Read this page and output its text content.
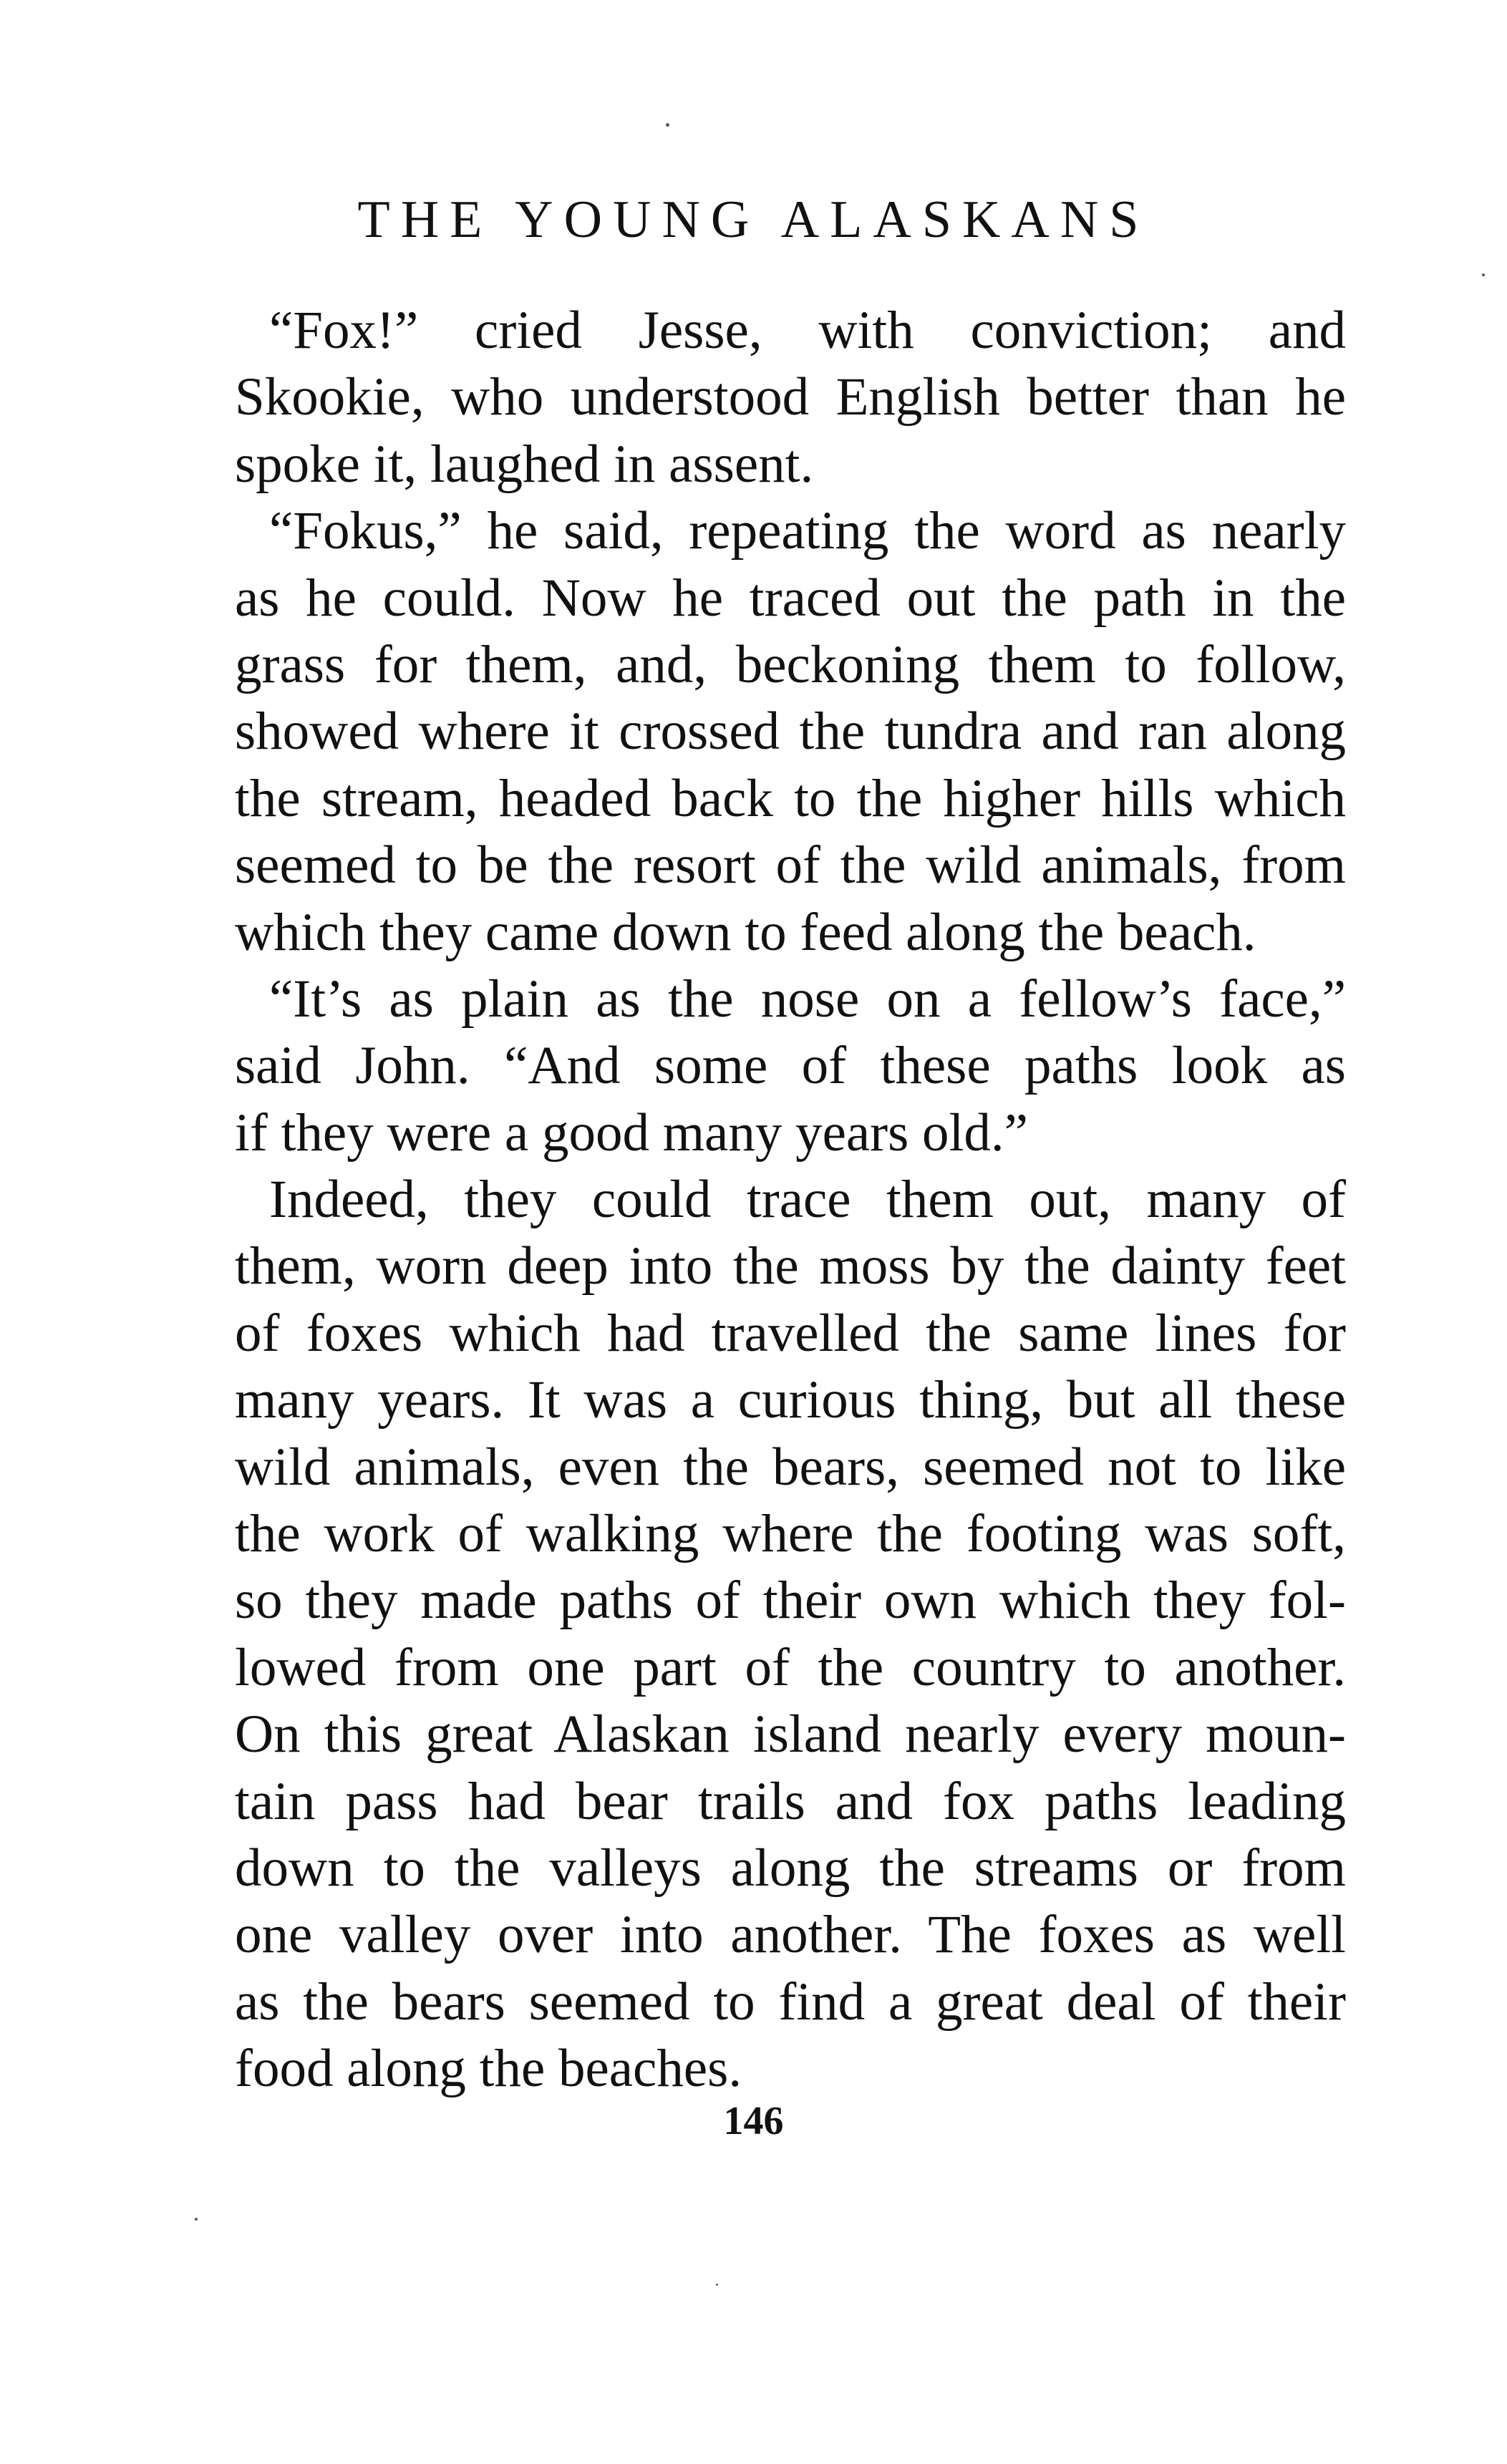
THE YOUNG ALASKANS
“Fox!” cried Jesse, with conviction; and
Skookie, who understood English better than he
spoke it, laughed in assent.
“Fokus,” he said, repeating the word as nearly
as he could. Now he traced out the path in the
grass for them, and, beckoning them to follow,
showed where it crossed the tundra and ran along
the stream, headed back to the higher hills which
seemed to be the resort of the wild animals, from
which they came down to feed along the beach.
“It’s as plain as the nose on a fellow’s face,”
said John. “And some of these paths look as
if they were a good many years old.”
Indeed, they could trace them out, many of
them, worn deep into the moss by the dainty feet
of foxes which had travelled the same lines for
many years. It was a curious thing, but all these
wild animals, even the bears, seemed not to like
the work of walking where the footing was soft,
so they made paths of their own which they fol-
lowed from one part of the country to another.
On this great Alaskan island nearly every moun-
tain pass had bear trails and fox paths leading
down to the valleys along the streams or from
one valley over into another. The foxes as well
as the bears seemed to find a great deal of their
food along the beaches.
146
